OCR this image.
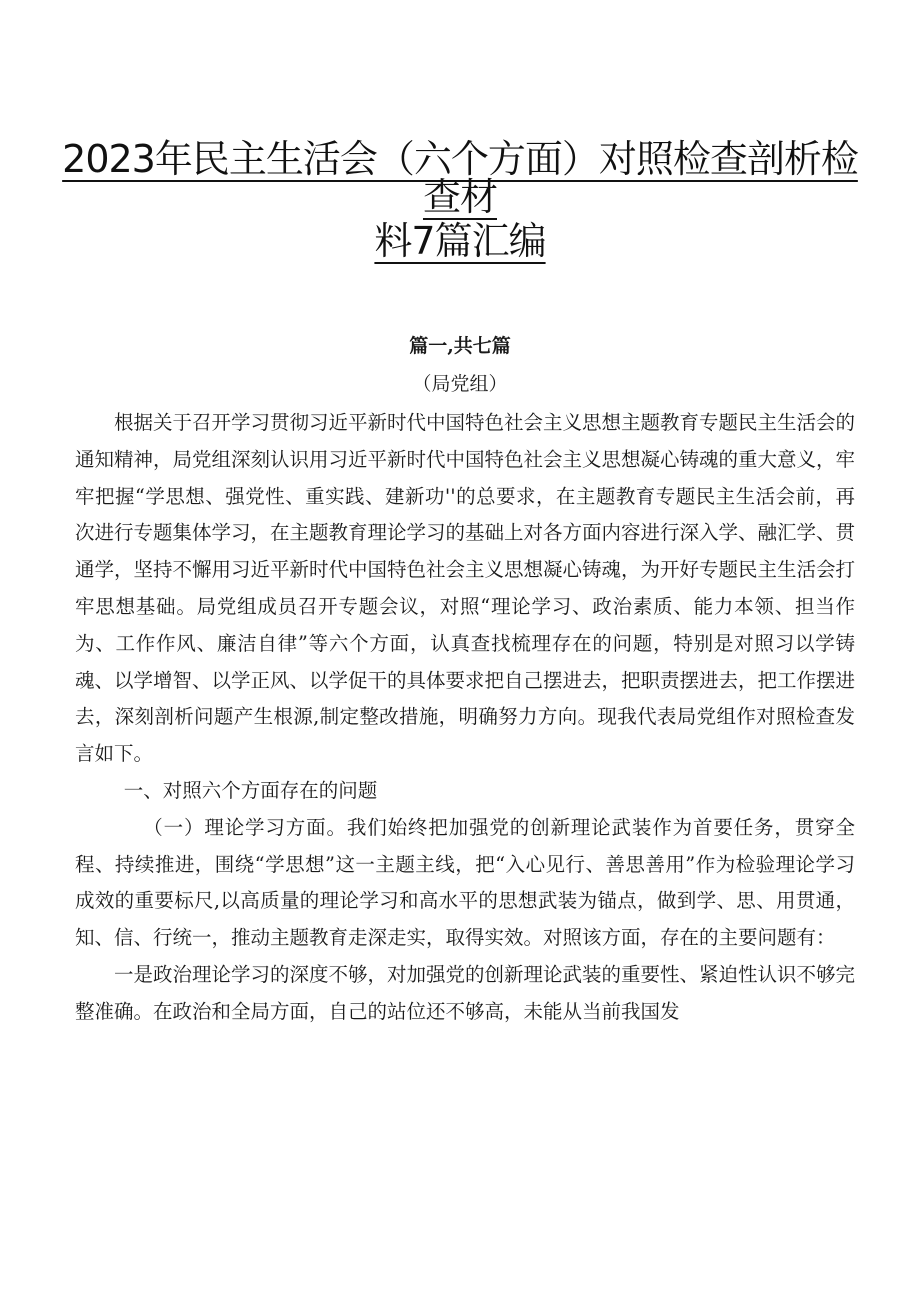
2023年民主生活会（六个方面）对照检查剖析检查材
料7篇汇编
篇一,共七篇
（局党组）

根据关于召开学习贯彻习近平新时代中国特色社会主义思想主题教育专题民主生活会的通知精神，局党组深刻认识用习近平新时代中国特色社会主义思想凝心铸魂的重大意义，牢牢把握“学思想、强党性、重实践、建新功''的总要求，在主题教育专题民主生活会前，再次进行专题集体学习，在主题教育理论学习的基础上对各方面内容进行深入学、融汇学、贯通学，坚持不懈用习近平新时代中国特色社会主义思想凝心铸魂，为开好专题民主生活会打牢思想基础。局党组成员召开专题会议，对照“理论学习、政治素质、能力本领、担当作为、工作作风、廉洁自律”等六个方面，认真查找梳理存在的问题，特别是对照习以学铸魂、以学增智、以学正风、以学促干的具体要求把自己摆进去，把职责摆进去，把工作摆进去，深刻剖析问题产生根源,制定整改措施，明确努力方向。现我代表局党组作对照检查发言如下。

一、对照六个方面存在的问题

（一）理论学习方面。我们始终把加强党的创新理论武装作为首要任务，贯穿全程、持续推进，围绕“学思想”这一主题主线，把“入心见行、善思善用”作为检验理论学习成效的重要标尺,以高质量的理论学习和高水平的思想武装为锚点，做到学、思、用贯通，知、信、行统一，推动主题教育走深走实，取得实效。对照该方面，存在的主要问题有：

一是政治理论学习的深度不够，对加强党的创新理论武装的重要性、紧迫性认识不够完整准确。在政治和全局方面，自己的站位还不够高，未能从当前我国发
